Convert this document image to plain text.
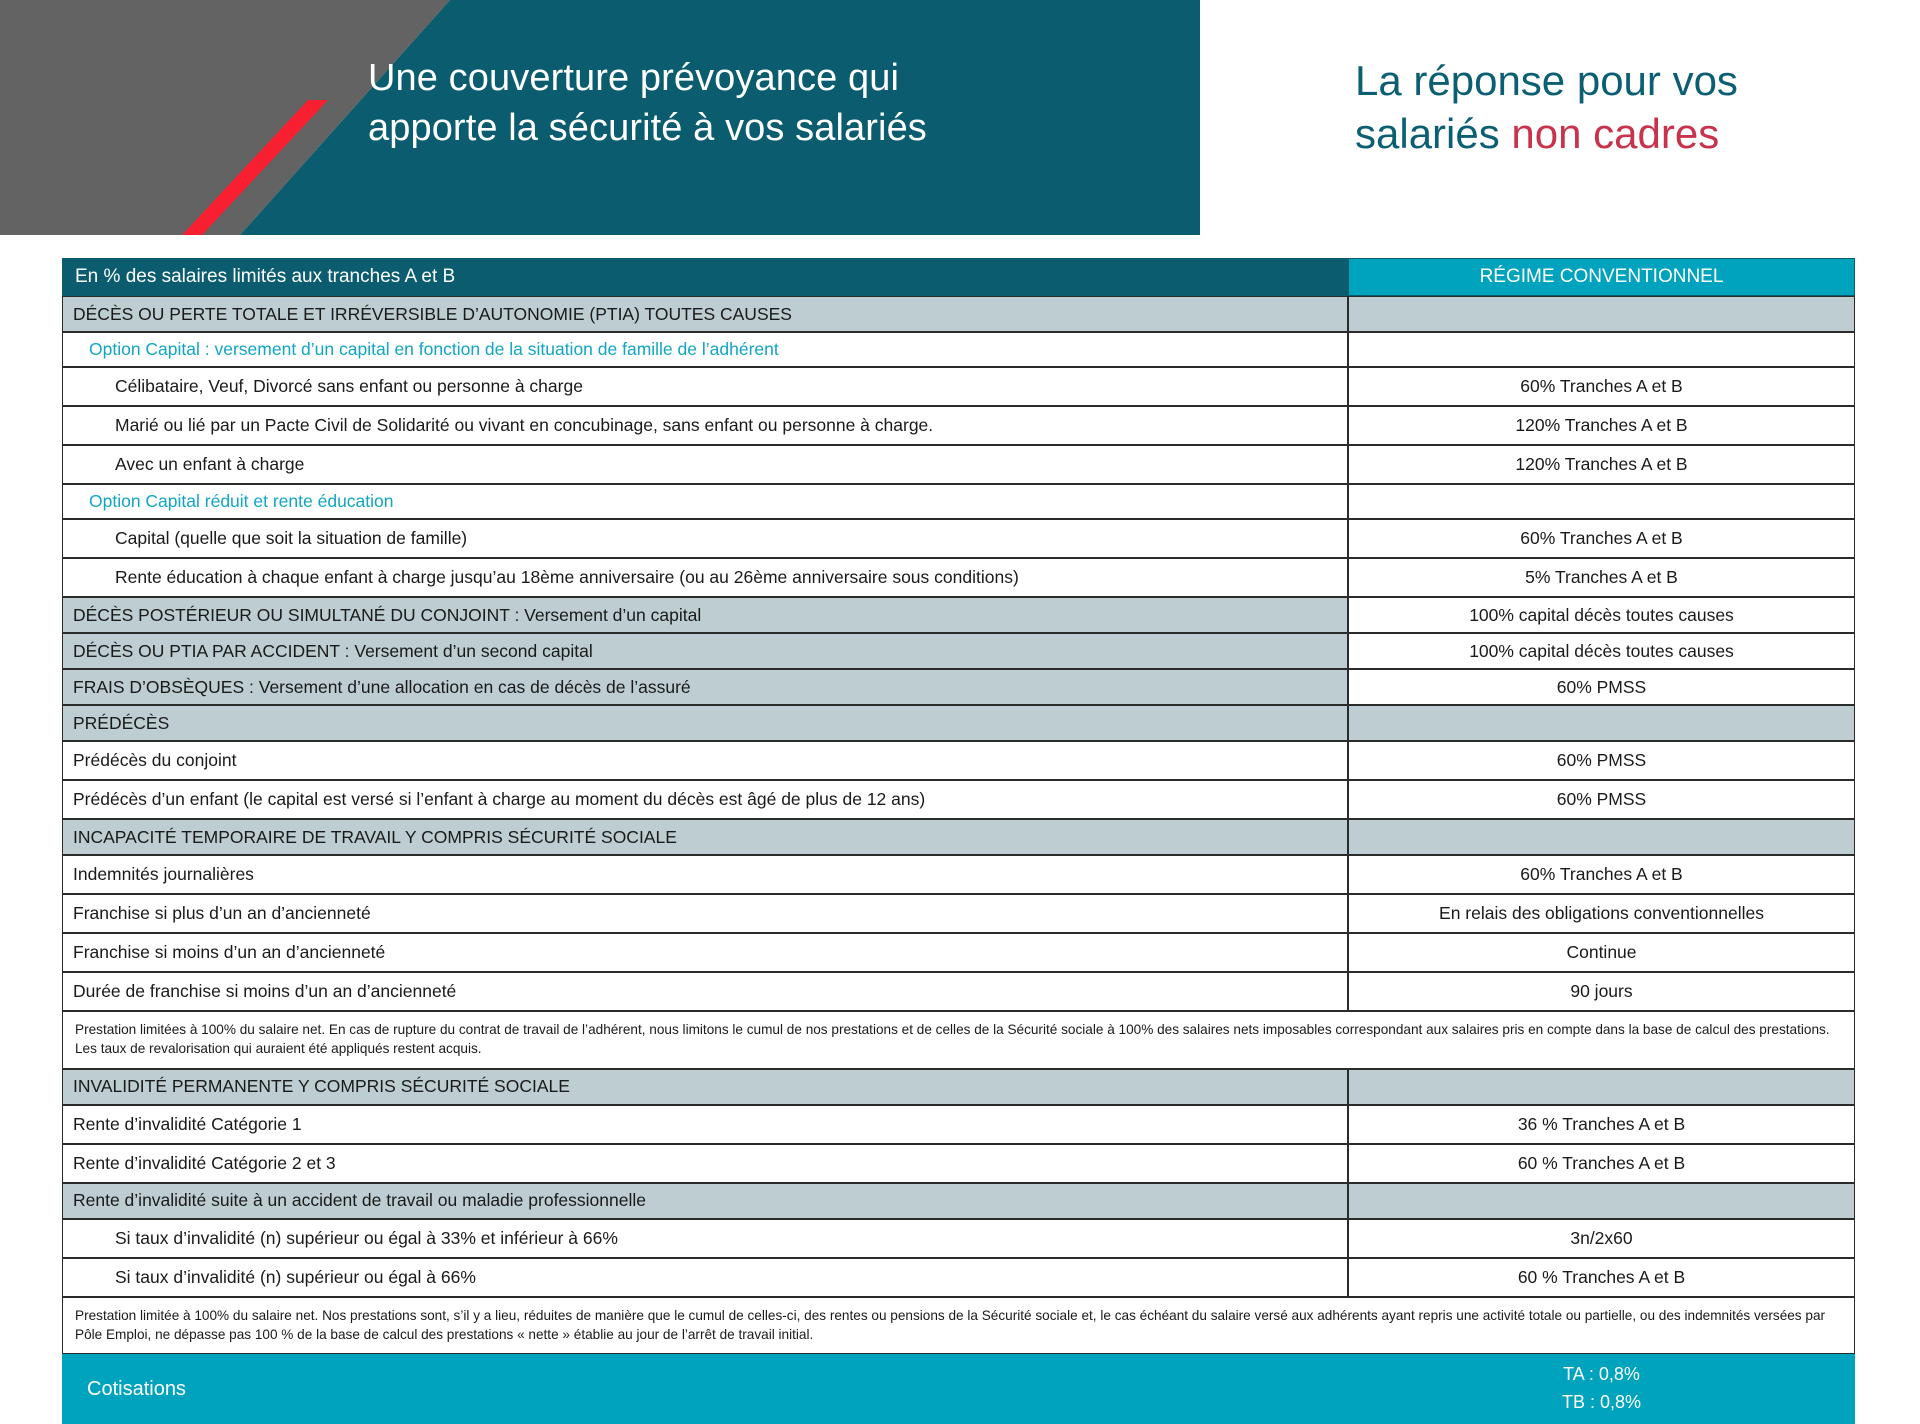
Une couverture prévoyance qui
apporte la sécurité à vos salariés
La réponse pour vos
salariés non cadres
En % des salaires limités aux tranches A et B	RÉGIME CONVENTIONNEL
DÉCÈS OU PERTE TOTALE ET IRRÉVERSIBLE D’AUTONOMIE (PTIA) TOUTES CAUSES
Option Capital : versement d’un capital en fonction de la situation de famille de l’adhérent
Célibataire, Veuf, Divorcé sans enfant ou personne à charge	60% Tranches A et B
Marié ou lié par un Pacte Civil de Solidarité ou vivant en concubinage, sans enfant ou personne à charge.	120% Tranches A et B
Avec un enfant à charge	120% Tranches A et B
Option Capital réduit et rente éducation
Capital (quelle que soit la situation de famille)	60% Tranches A et B
Rente éducation à chaque enfant à charge jusqu’au 18ème anniversaire (ou au 26ème anniversaire sous conditions)	5% Tranches A et B
DÉCÈS POSTÉRIEUR OU SIMULTANÉ DU CONJOINT : Versement d’un capital	100% capital décès toutes causes
DÉCÈS OU PTIA PAR ACCIDENT : Versement d’un second capital	100% capital décès toutes causes
FRAIS D’OBSÈQUES : Versement d’une allocation en cas de décès de l’assuré	60% PMSS
PRÉDÉCÈS
Prédécès du conjoint	60% PMSS
Prédécès d’un enfant (le capital est versé si l’enfant à charge au moment du décès est âgé de plus de 12 ans)	60% PMSS
INCAPACITÉ TEMPORAIRE DE TRAVAIL Y COMPRIS SÉCURITÉ SOCIALE
Indemnités journalières	60% Tranches A et B
Franchise si plus d’un an d’ancienneté	En relais des obligations conventionnelles
Franchise si moins d’un an d’ancienneté	Continue
Durée de franchise si moins d’un an d’ancienneté	90 jours
Prestation limitées à 100% du salaire net. En cas de rupture du contrat de travail de l’adhérent, nous limitons le cumul de nos prestations et de celles de la Sécurité sociale à 100% des salaires nets imposables correspondant aux salaires pris en compte dans la base de calcul des prestations. Les taux de revalorisation qui auraient été appliqués restent acquis.
INVALIDITÉ PERMANENTE Y COMPRIS SÉCURITÉ SOCIALE
Rente d’invalidité Catégorie 1	36 % Tranches A et B
Rente d’invalidité Catégorie 2 et 3	60 % Tranches A et B
Rente d’invalidité suite à un accident de travail ou maladie professionnelle
Si taux d’invalidité (n) supérieur ou égal à 33% et inférieur à 66%	3n/2x60
Si taux d’invalidité (n) supérieur ou égal à 66%	60 % Tranches A et B
Prestation limitée à 100% du salaire net. Nos prestations sont, s’il y a lieu, réduites de manière que le cumul de celles-ci, des rentes ou pensions de la Sécurité sociale et, le cas échéant du salaire versé aux adhérents ayant repris une activité totale ou partielle, ou des indemnités versées par Pôle Emploi, ne dépasse pas 100 % de la base de calcul des prestations « nette » établie au jour de l’arrêt de travail initial.
Cotisations
TA : 0,8%
TB : 0,8%
